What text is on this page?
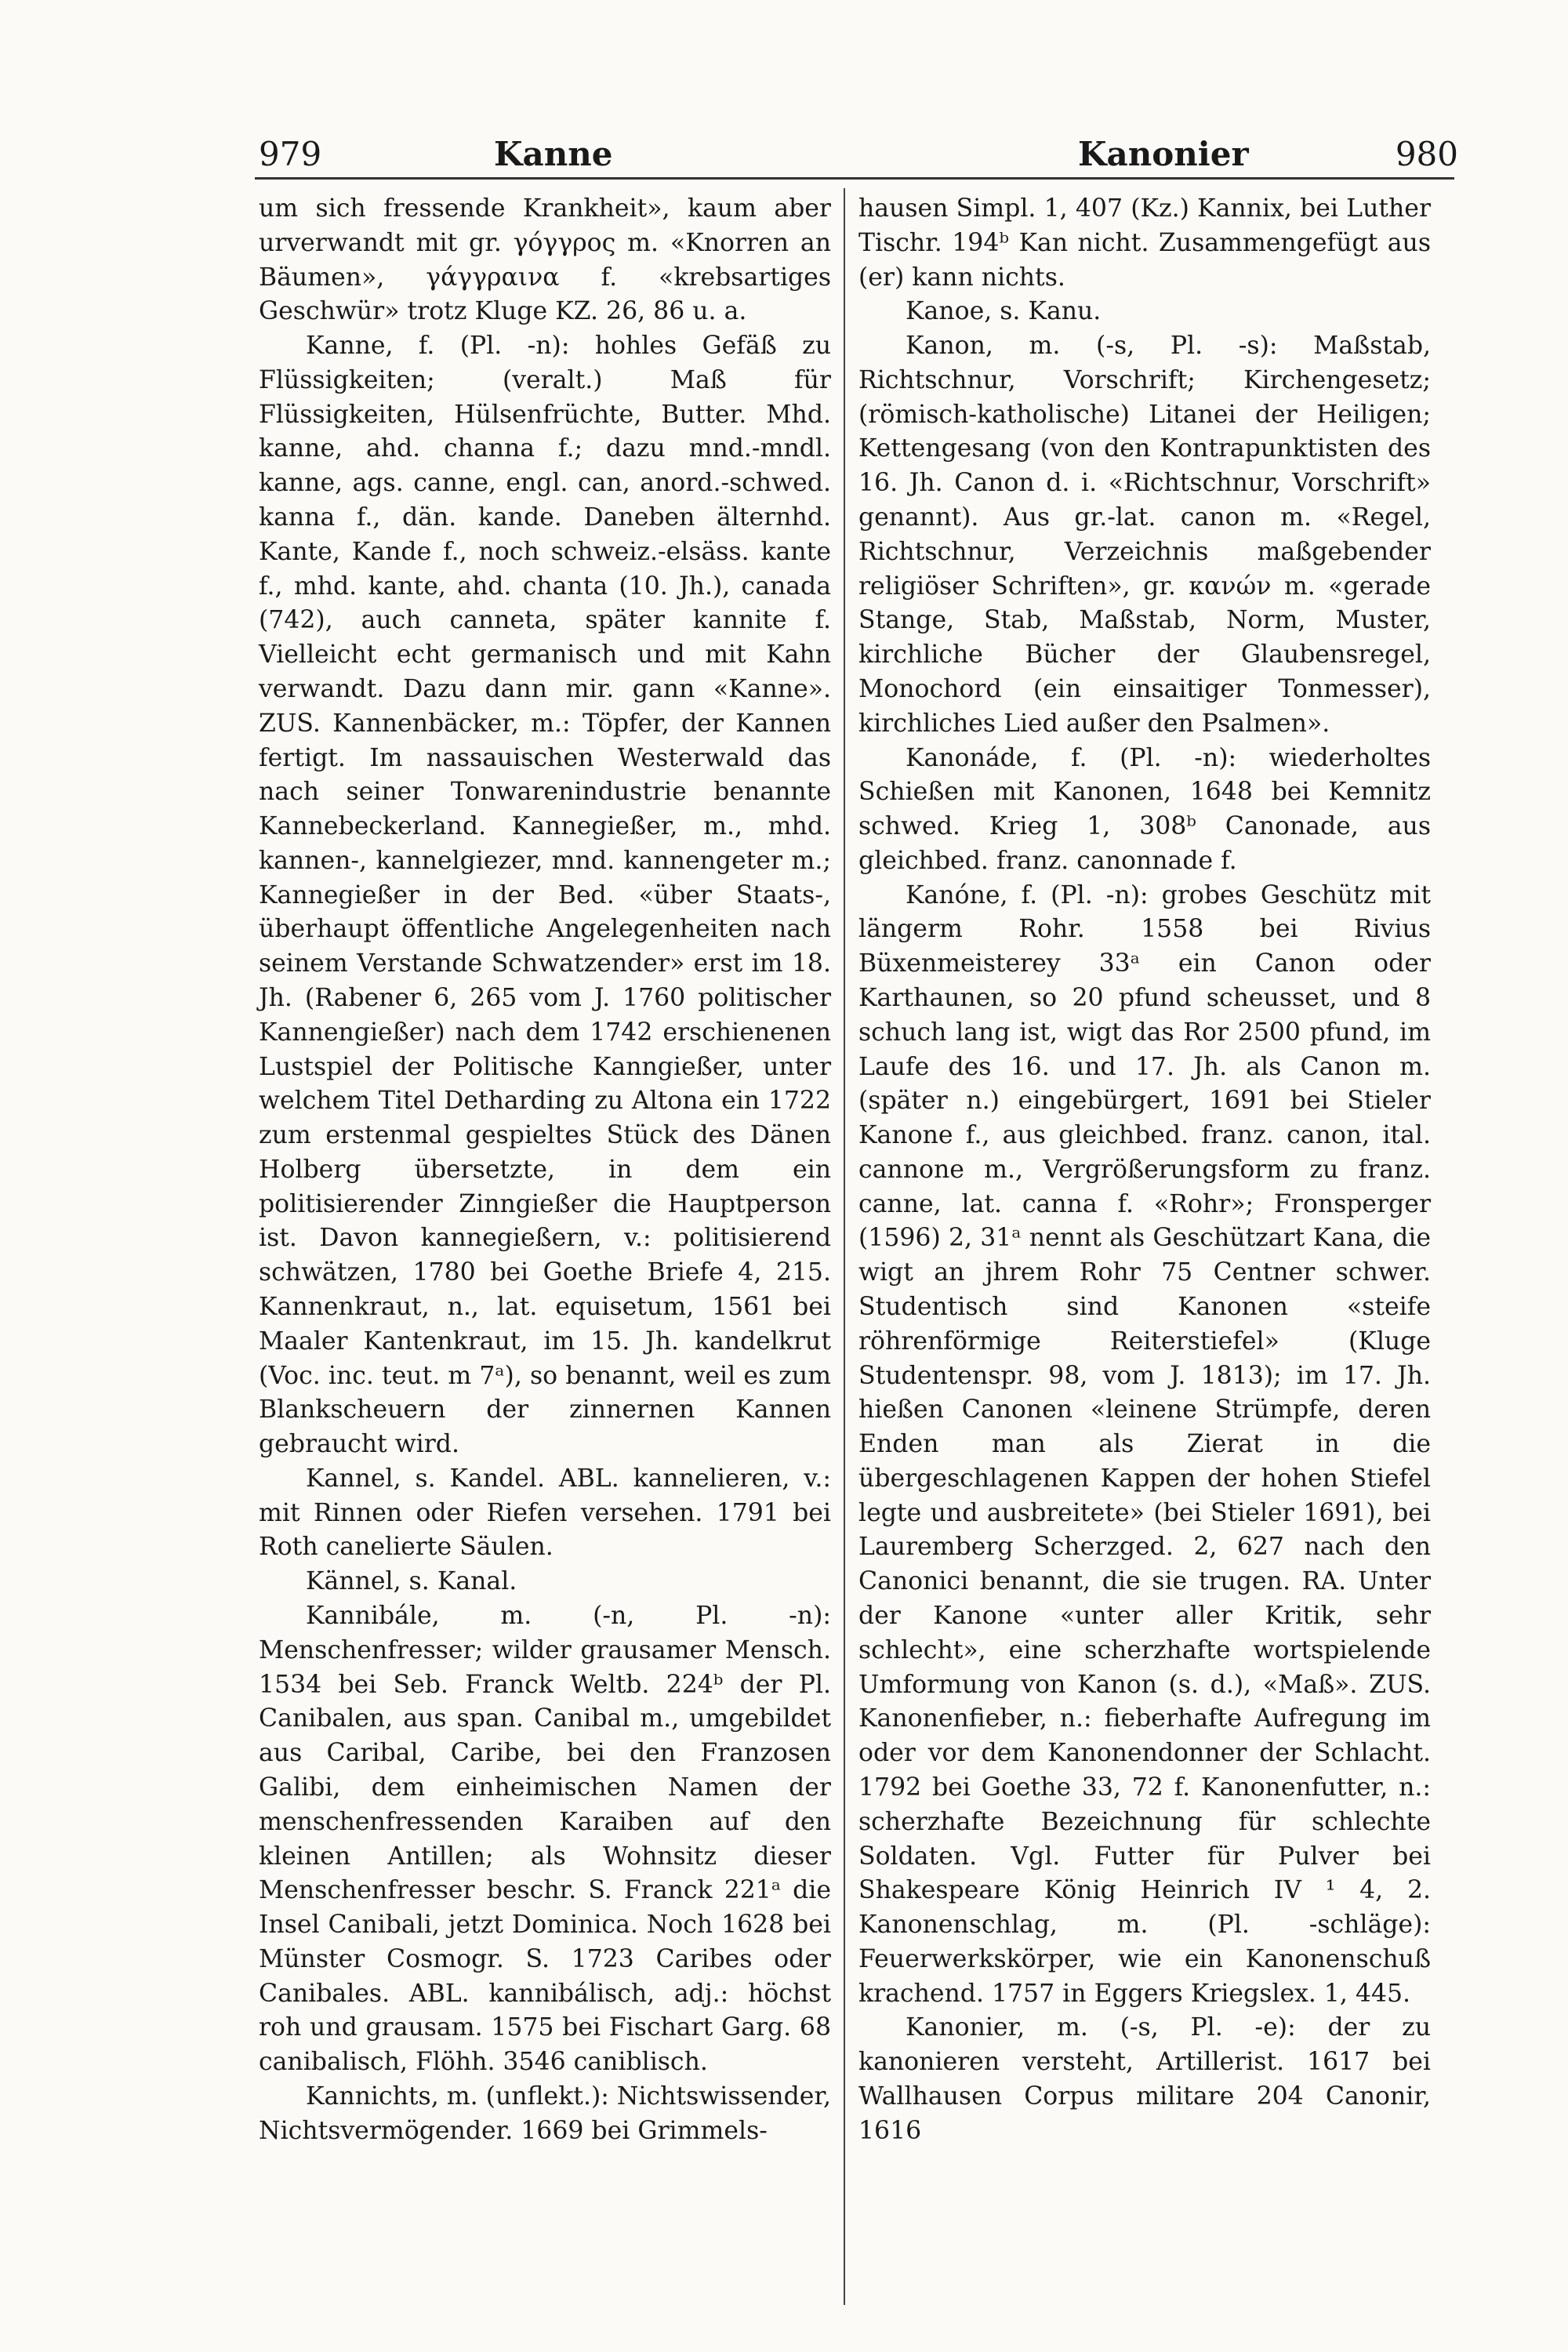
979	Kanne	Kanonier	980

um sich fressende Krankheit», kaum aber urverwandt mit gr. γόγγρος m. «Knorren an Bäumen», γάγγραινα f. «krebsartiges Geschwür» trotz Kluge KZ. 26, 86 u. a.

Kanne, f. (Pl. -n): hohles Gefäß zu Flüssigkeiten; (veralt.) Maß für Flüssigkeiten, Hülsenfrüchte, Butter. Mhd. kanne, ahd. channa f.; dazu mnd.-mndl. kanne, ags. canne, engl. can, anord.-schwed. kanna f., dän. kande. Daneben älternhd. Kante, Kande f., noch schweiz.-elsäss. kante f., mhd. kante, ahd. chanta (10. Jh.), canada (742), auch canneta, später kannite f. Vielleicht echt germanisch und mit Kahn verwandt. Dazu dann mir. gann «Kanne». ZUS. Kannenbäcker, m.: Töpfer, der Kannen fertigt. Im nassauischen Westerwald das nach seiner Tonwarenindustrie benannte Kannebeckerland. Kannegießer, m., mhd. kannen-, kannelgiezer, mnd. kannengeter m.; Kannegießer in der Bed. «über Staats-, überhaupt öffentliche Angelegenheiten nach seinem Verstande Schwatzender» erst im 18. Jh. (Rabener 6, 265 vom J. 1760 politischer Kannengießer) nach dem 1742 erschienenen Lustspiel der Politische Kanngießer, unter welchem Titel Detharding zu Altona ein 1722 zum erstenmal gespieltes Stück des Dänen Holberg übersetzte, in dem ein politisierender Zinngießer die Hauptperson ist. Davon kannegießern, v.: politisierend schwätzen, 1780 bei Goethe Briefe 4, 215. Kannenkraut, n., lat. equisetum, 1561 bei Maaler Kantenkraut, im 15. Jh. kandelkrut (Voc. inc. teut. m 7ᵃ), so benannt, weil es zum Blankscheuern der zinnernen Kannen gebraucht wird.

Kannel, s. Kandel. ABL. kannelieren, v.: mit Rinnen oder Riefen versehen. 1791 bei Roth canelierte Säulen.

Kännel, s. Kanal.

Kannibále, m. (-n, Pl. -n): Menschenfresser; wilder grausamer Mensch. 1534 bei Seb. Franck Weltb. 224ᵇ der Pl. Canibalen, aus span. Canibal m., umgebildet aus Caribal, Caribe, bei den Franzosen Galibi, dem einheimischen Namen der menschenfressenden Karaiben auf den kleinen Antillen; als Wohnsitz dieser Menschenfresser beschr. S. Franck 221ᵃ die Insel Canibali, jetzt Dominica. Noch 1628 bei Münster Cosmogr. S. 1723 Caribes oder Canibales. ABL. kannibálisch, adj.: höchst roh und grausam. 1575 bei Fischart Garg. 68 canibalisch, Flöhh. 3546 caniblisch.

Kannichts, m. (unflekt.): Nichtswissender, Nichtsvermögender. 1669 bei Grimmels-

hausen Simpl. 1, 407 (Kz.) Kannix, bei Luther Tischr. 194ᵇ Kan nicht. Zusammengefügt aus (er) kann nichts.

Kanoe, s. Kanu.

Kanon, m. (-s, Pl. -s): Maßstab, Richtschnur, Vorschrift; Kirchengesetz; (römisch-katholische) Litanei der Heiligen; Kettengesang (von den Kontrapunktisten des 16. Jh. Canon d. i. «Richtschnur, Vorschrift» genannt). Aus gr.-lat. canon m. «Regel, Richtschnur, Verzeichnis maßgebender religiöser Schriften», gr. κανών m. «gerade Stange, Stab, Maßstab, Norm, Muster, kirchliche Bücher der Glaubensregel, Monochord (ein einsaitiger Tonmesser), kirchliches Lied außer den Psalmen».

Kanonáde, f. (Pl. -n): wiederholtes Schießen mit Kanonen, 1648 bei Kemnitz schwed. Krieg 1, 308ᵇ Canonade, aus gleichbed. franz. canonnade f.

Kanóne, f. (Pl. -n): grobes Geschütz mit längerm Rohr. 1558 bei Rivius Büxenmeisterey 33ᵃ ein Canon oder Karthaunen, so 20 pfund scheusset, und 8 schuch lang ist, wigt das Ror 2500 pfund, im Laufe des 16. und 17. Jh. als Canon m. (später n.) eingebürgert, 1691 bei Stieler Kanone f., aus gleichbed. franz. canon, ital. cannone m., Vergrößerungsform zu franz. canne, lat. canna f. «Rohr»; Fronsperger (1596) 2, 31ᵃ nennt als Geschützart Kana, die wigt an jhrem Rohr 75 Centner schwer. Studentisch sind Kanonen «steife röhrenförmige Reiterstiefel» (Kluge Studentenspr. 98, vom J. 1813); im 17. Jh. hießen Canonen «leinene Strümpfe, deren Enden man als Zierat in die übergeschlagenen Kappen der hohen Stiefel legte und ausbreitete» (bei Stieler 1691), bei Lauremberg Scherzged. 2, 627 nach den Canonici benannt, die sie trugen. RA. Unter der Kanone «unter aller Kritik, sehr schlecht», eine scherzhafte wortspielende Umformung von Kanon (s. d.), «Maß». ZUS. Kanonenfieber, n.: fieberhafte Aufregung im oder vor dem Kanonendonner der Schlacht. 1792 bei Goethe 33, 72 f. Kanonenfutter, n.: scherzhafte Bezeichnung für schlechte Soldaten. Vgl. Futter für Pulver bei Shakespeare König Heinrich IV ¹ 4, 2. Kanonenschlag, m. (Pl. -schläge): Feuerwerkskörper, wie ein Kanonenschuß krachend. 1757 in Eggers Kriegslex. 1, 445.

Kanonier, m. (-s, Pl. -e): der zu kanonieren versteht, Artillerist. 1617 bei Wallhausen Corpus militare 204 Canonir, 1616
